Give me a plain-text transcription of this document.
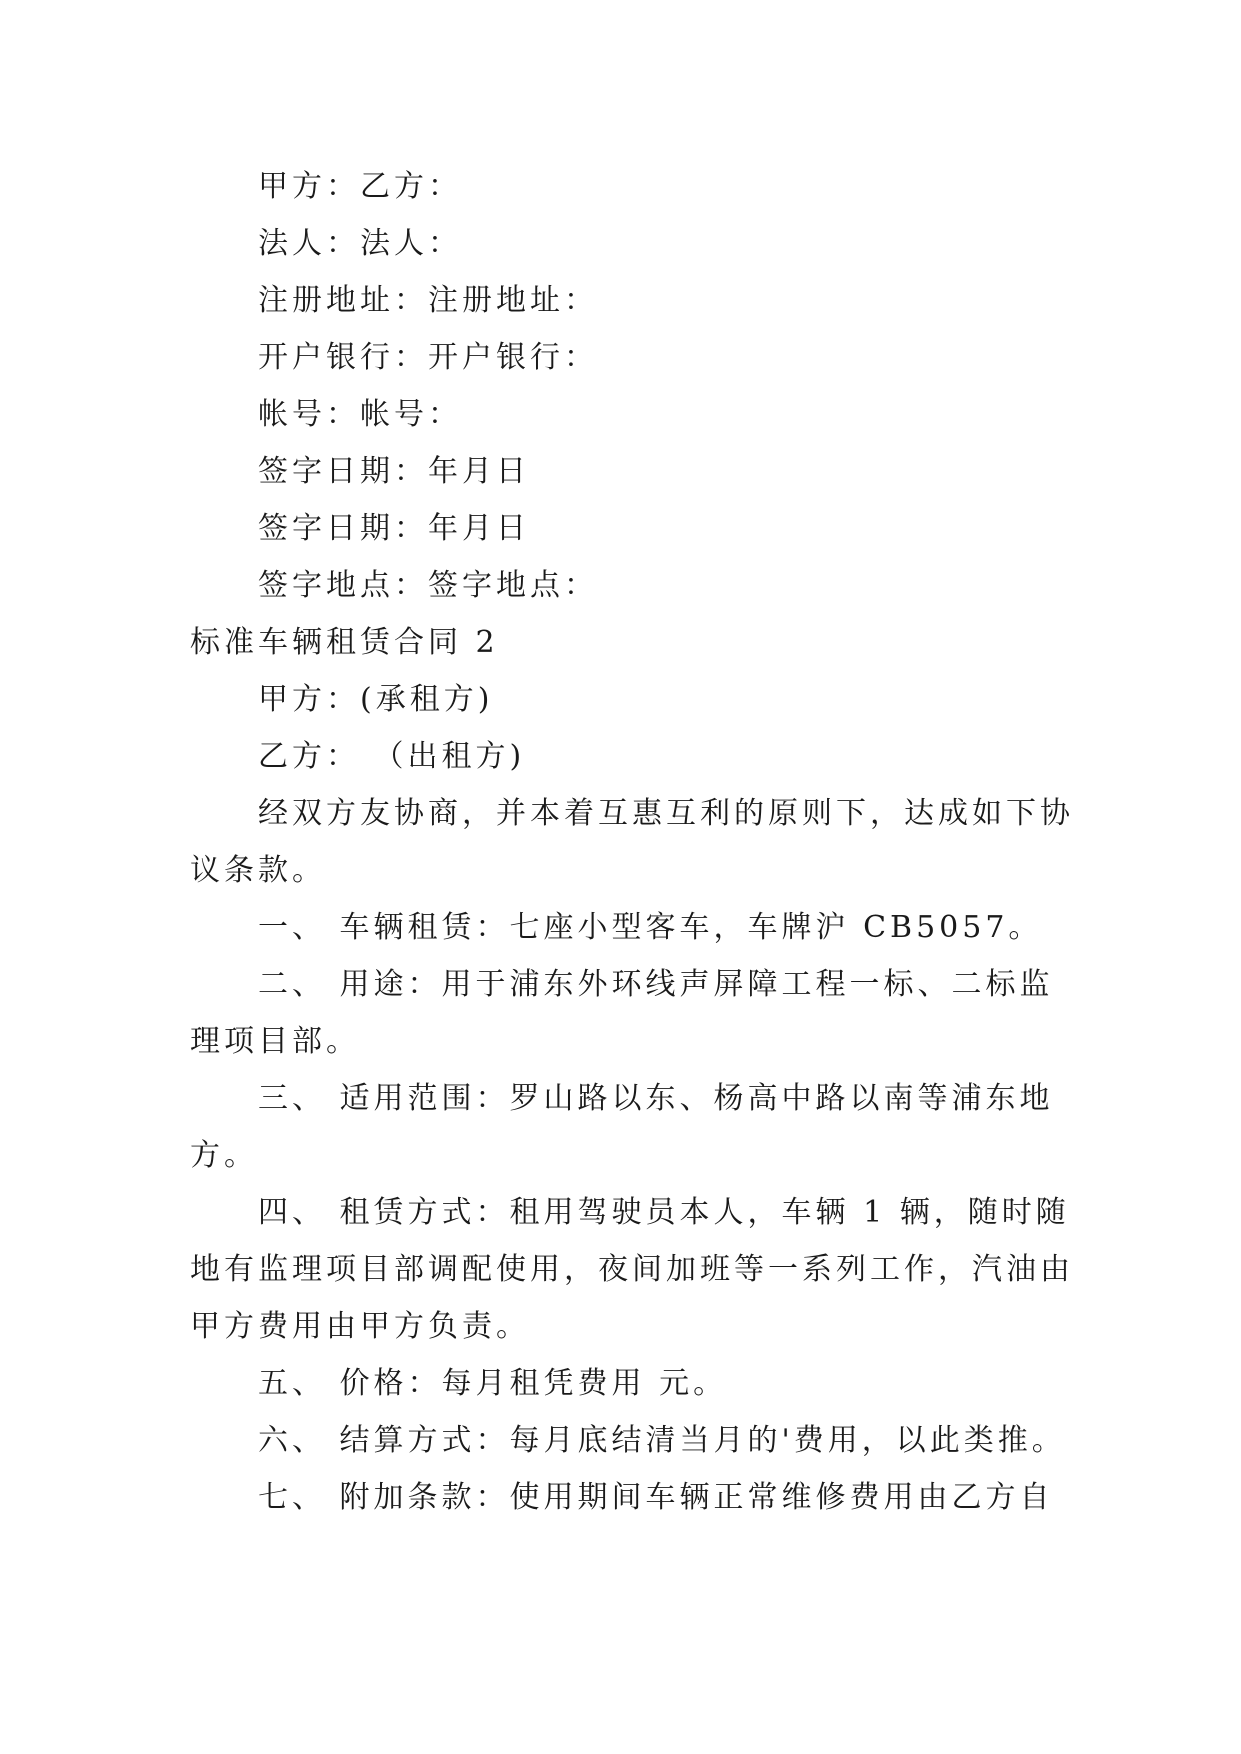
甲方：乙方：
法人：法人：
注册地址：注册地址：
开户银行：开户银行：
帐号：帐号：
签字日期：年月日
签字日期：年月日
签字地点：签字地点：
标准车辆租赁合同 2
甲方：(承租方)
乙方： （出租方)
经双方友协商，并本着互惠互利的原则下，达成如下协
议条款。
一、 车辆租赁：七座小型客车，车牌沪 CB5057。
二、 用途：用于浦东外环线声屏障工程一标、二标监
理项目部。
三、 适用范围：罗山路以东、杨高中路以南等浦东地
方。
四、 租赁方式：租用驾驶员本人，车辆 1 辆，随时随
地有监理项目部调配使用，夜间加班等一系列工作，汽油由
甲方费用由甲方负责。
五、 价格：每月租凭费用 元。
六、 结算方式：每月底结清当月的'费用，以此类推。
七、 附加条款：使用期间车辆正常维修费用由乙方自
